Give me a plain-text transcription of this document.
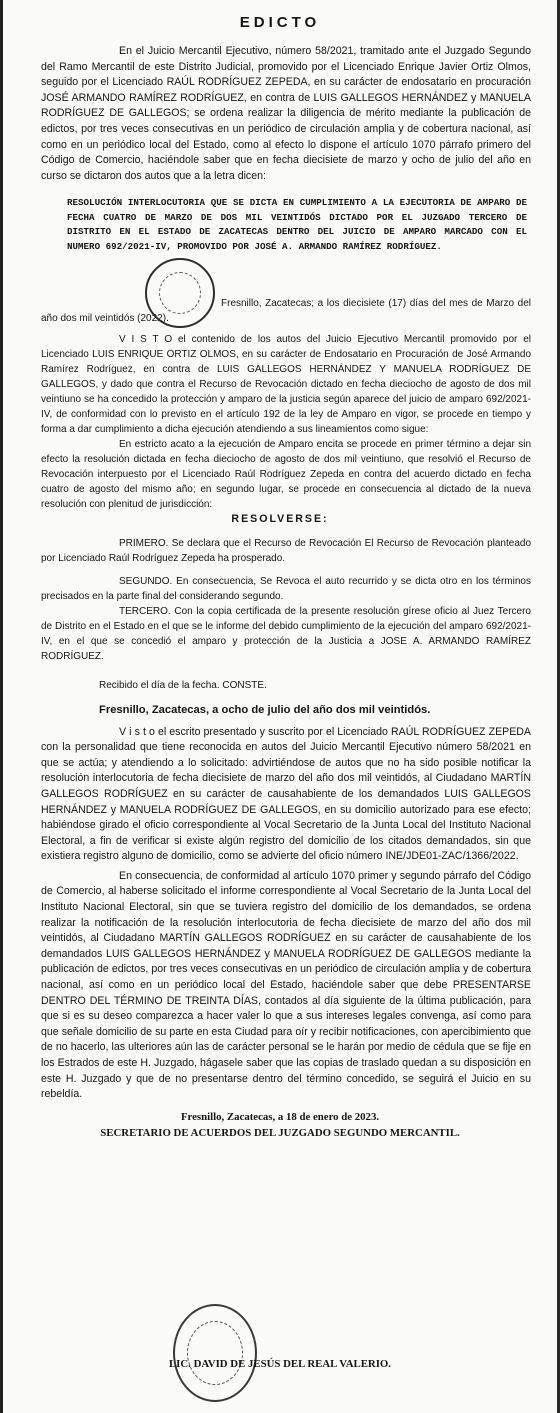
EDICTO

En el Juicio Mercantil Ejecutivo, número 58/2021, tramitado ante el Juzgado Segundo del Ramo Mercantil de este Distrito Judicial, promovido por el Licenciado Enrique Javier Ortiz Olmos, seguido por el Licenciado RAÚL RODRÍGUEZ ZEPEDA, en su carácter de endosatario en procuración JOSÉ ARMANDO RAMÍREZ RODRÍGUEZ, en contra de LUIS GALLEGOS HERNÁNDEZ y MANUELA RODRÍGUEZ DE GALLEGOS; se ordena realizar la diligencia de mérito mediante la publicación de edictos, por tres veces consecutivas en un periódico de circulación amplia y de cobertura nacional, así como en un periódico local del Estado, como al efecto lo dispone el artículo 1070 párrafo primero del Código de Comercio, haciéndole saber que en fecha diecisiete de marzo y ocho de julio del año en curso se dictaron dos autos que a la letra dicen:

RESOLUCIÓN INTERLOCUTORIA QUE SE DICTA EN CUMPLIMIENTO A LA EJECUTORIA DE AMPARO DE FECHA CUATRO DE MARZO DE DOS MIL VEINTIDÓS DICTADO POR EL JUZGADO TERCERO DE DISTRITO EN EL ESTADO DE ZACATECAS DENTRO DEL JUICIO DE AMPARO MARCADO CON EL NUMERO 692/2021-IV, PROMOVIDO POR JOSÉ A. ARMANDO RAMÍREZ RODRÍGUEZ.

Fresnillo, Zacatecas; a los diecisiete (17) días del mes de Marzo del año dos mil veintidós (2022).

V I S T O el contenido de los autos del Juicio Ejecutivo Mercantil promovido por el Licenciado LUIS ENRIQUE ORTIZ OLMOS, en su carácter de Endosatario en Procuración de José Armando Ramírez Rodríguez, en contra de LUIS GALLEGOS HERNÁNDEZ Y MANUELA RODRÍGUEZ DE GALLEGOS, y dado que contra el Recurso de Revocación dictado en fecha dieciocho de agosto de dos mil veintiuno se ha concedido la protección y amparo de la justicia según aparece del juicio de amparo 692/2021-IV, de conformidad con lo previsto en el artículo 192 de la ley de Amparo en vigor, se procede en tiempo y forma a dar cumplimiento a dicha ejecución atendiendo a sus lineamientos como sigue:

En estricto acato a la ejecución de Amparo encita se procede en primer término a dejar sin efecto la resolución dictada en fecha dieciocho de agosto de dos mil veintiuno, que resolvió el Recurso de Revocación interpuesto por el Licenciado Raúl Rodríguez Zepeda en contra del acuerdo dictado en fecha cuatro de agosto del mismo año; en segundo lugar, se procede en consecuencia al dictado de la nueva resolución con plenitud de jurisdicción:

RESOLVERSE:

PRIMERO. Se declara que el Recurso de Revocación El Recurso de Revocación planteado por Licenciado Raúl Rodríguez Zepeda ha prosperado.

SEGUNDO. En consecuencia, Se Revoca el auto recurrido y se dicta otro en los términos precisados en la parte final del considerando segundo.

TERCERO. Con la copia certificada de la presente resolución gírese oficio al Juez Tercero de Distrito en el Estado en el que se le informe del debido cumplimiento de la ejecución del amparo 692/2021-IV, en el que se concedió el amparo y protección de la Justicia a JOSE A. ARMANDO RAMÍREZ RODRÍGUEZ.

Recibido el día de la fecha. CONSTE.

Fresnillo, Zacatecas, a ocho de julio del año dos mil veintidós.

V i s t o el escrito presentado y suscrito por el Licenciado RAÚL RODRÍGUEZ ZEPEDA con la personalidad que tiene reconocida en autos del Juicio Mercantil Ejecutivo número 58/2021 en que se actúa; y atendiendo a lo solicitado: advirtiéndose de autos que no ha sido posible notificar la resolución interlocutoria de fecha diecisiete de marzo del año dos mil veintidós, al Ciudadano MARTÍN GALLEGOS RODRÍGUEZ en su carácter de causahabiente de los demandados LUIS GALLEGOS HERNÁNDEZ y MANUELA RODRÍGUEZ DE GALLEGOS, en su domicilio autorizado para ese efecto; habiéndose girado el oficio correspondiente al Vocal Secretario de la Junta Local del Instituto Nacional Electoral, a fin de verificar si existe algún registro del domicilio de los citados demandados, sin que existiera registro alguno de domicilio, como se advierte del oficio número INE/JDE01-ZAC/1366/2022.

En consecuencia, de conformidad al artículo 1070 primer y segundo párrafo del Código de Comercio, al haberse solicitado el informe correspondiente al Vocal Secretario de la Junta Local del Instituto Nacional Electoral, sin que se tuviera registro del domicilio de los demandados, se ordena realizar la notificación de la resolución interlocutoria de fecha diecisiete de marzo del año dos mil veintidós, al Ciudadano MARTÍN GALLEGOS RODRÍGUEZ en su carácter de causahabiente de los demandados LUIS GALLEGOS HERNÁNDEZ y MANUELA RODRÍGUEZ DE GALLEGOS mediante la publicación de edictos, por tres veces consecutivas en un periódico de circulación amplia y de cobertura nacional, así como en un periódico local del Estado, haciéndole saber que debe PRESENTARSE DENTRO DEL TÉRMINO DE TREINTA DÍAS, contados al día siguiente de la última publicación, para que si es su deseo comparezca a hacer valer lo que a sus intereses legales convenga, así como para que señale domicilio de su parte en esta Ciudad para oír y recibir notificaciones, con apercibimiento que de no hacerlo, las ulteriores aún las de carácter personal se le harán por medio de cédula que se fije en los Estrados de este H. Juzgado, hágasele saber que las copias de traslado quedan a su disposición en este H. Juzgado y que de no presentarse dentro del término concedido, se seguirá el Juicio en su rebeldía.

Fresnillo, Zacatecas, a 18 de enero de 2023.

SECRETARIO DE ACUERDOS DEL JUZGADO SEGUNDO MERCANTIL.

LIC. DAVID DE JESÚS DEL REAL VALERIO.
